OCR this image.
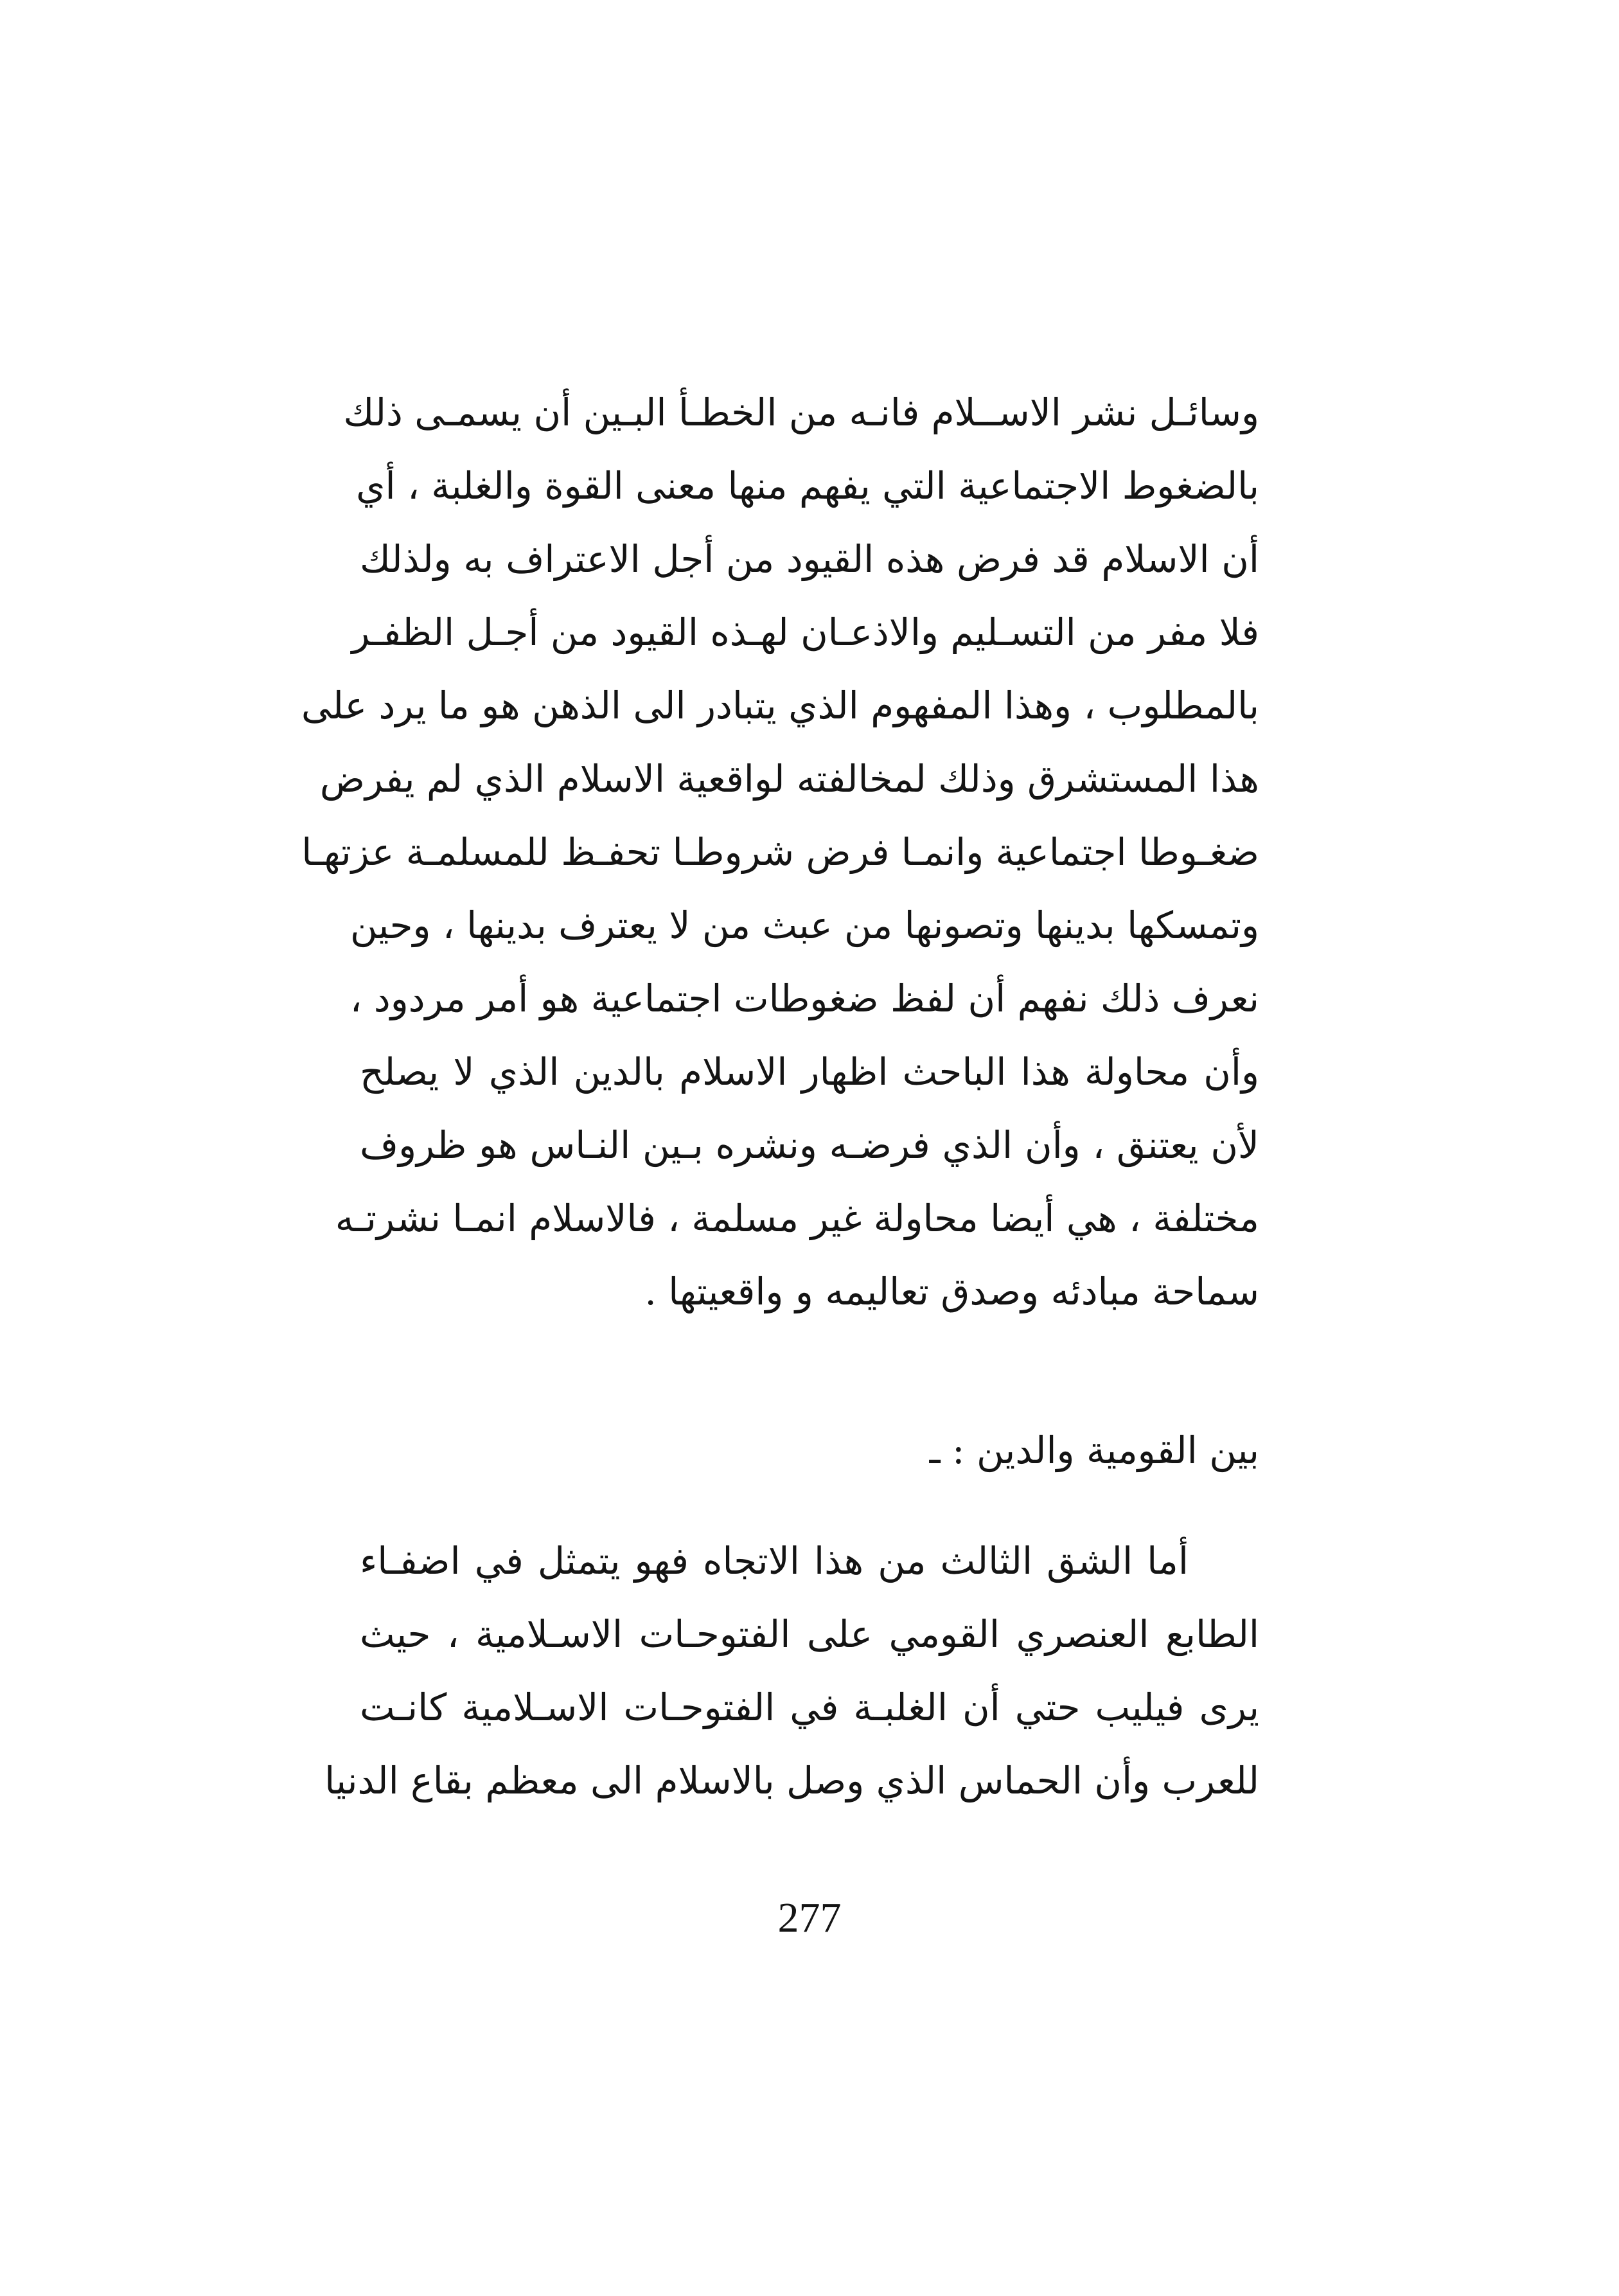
وسائـل نشر الاســلام فانـه من الخطـأ البـين أن يسمـى ذلك
بالضغوط الاجتماعية التي يفهم منها معنى القوة والغلبة ، أي
أن الاسلام قد فرض هذه القيود من أجل الاعتراف به ولذلك
فلا مفر من التسـليم والاذعـان لهـذه القيود من أجـل الظفـر
بالمطلوب ، وهذا المفهوم الذي يتبادر الى الذهن هو ما يرد على
هذا المستشرق وذلك لمخالفته لواقعية الاسلام الذي لم يفرض
ضغـوطا اجتماعية وانمـا فرض شروطـا تحفـظ للمسلمـة عزتهـا
وتمسكها بدينها وتصونها من عبث من لا يعترف بدينها ، وحين
نعرف ذلك نفهم أن لفظ ضغوطات اجتماعية هو أمر مردود ،
وأن محاولة هذا الباحث اظهار الاسلام بالدين الذي لا يصلح
لأن يعتنق ، وأن الذي فرضـه ونشره بـين النـاس هو ظروف
مختلفة ، هي أيضا محاولة غير مسلمة ، فالاسلام انمـا نشرتـه
سماحة مبادئه وصدق تعاليمه و واقعيتها .
بين القومية والدين : ـ
أما الشق الثالث من هذا الاتجاه فهو يتمثل في اضفـاء
الطابع العنصري القومي على الفتوحـات الاسـلامية ، حيث
يرى فيليب حتي أن الغلبـة في الفتوحـات الاسـلامية كانـت
للعرب وأن الحماس الذي وصل بالاسلام الى معظم بقاع الدنيا
277
